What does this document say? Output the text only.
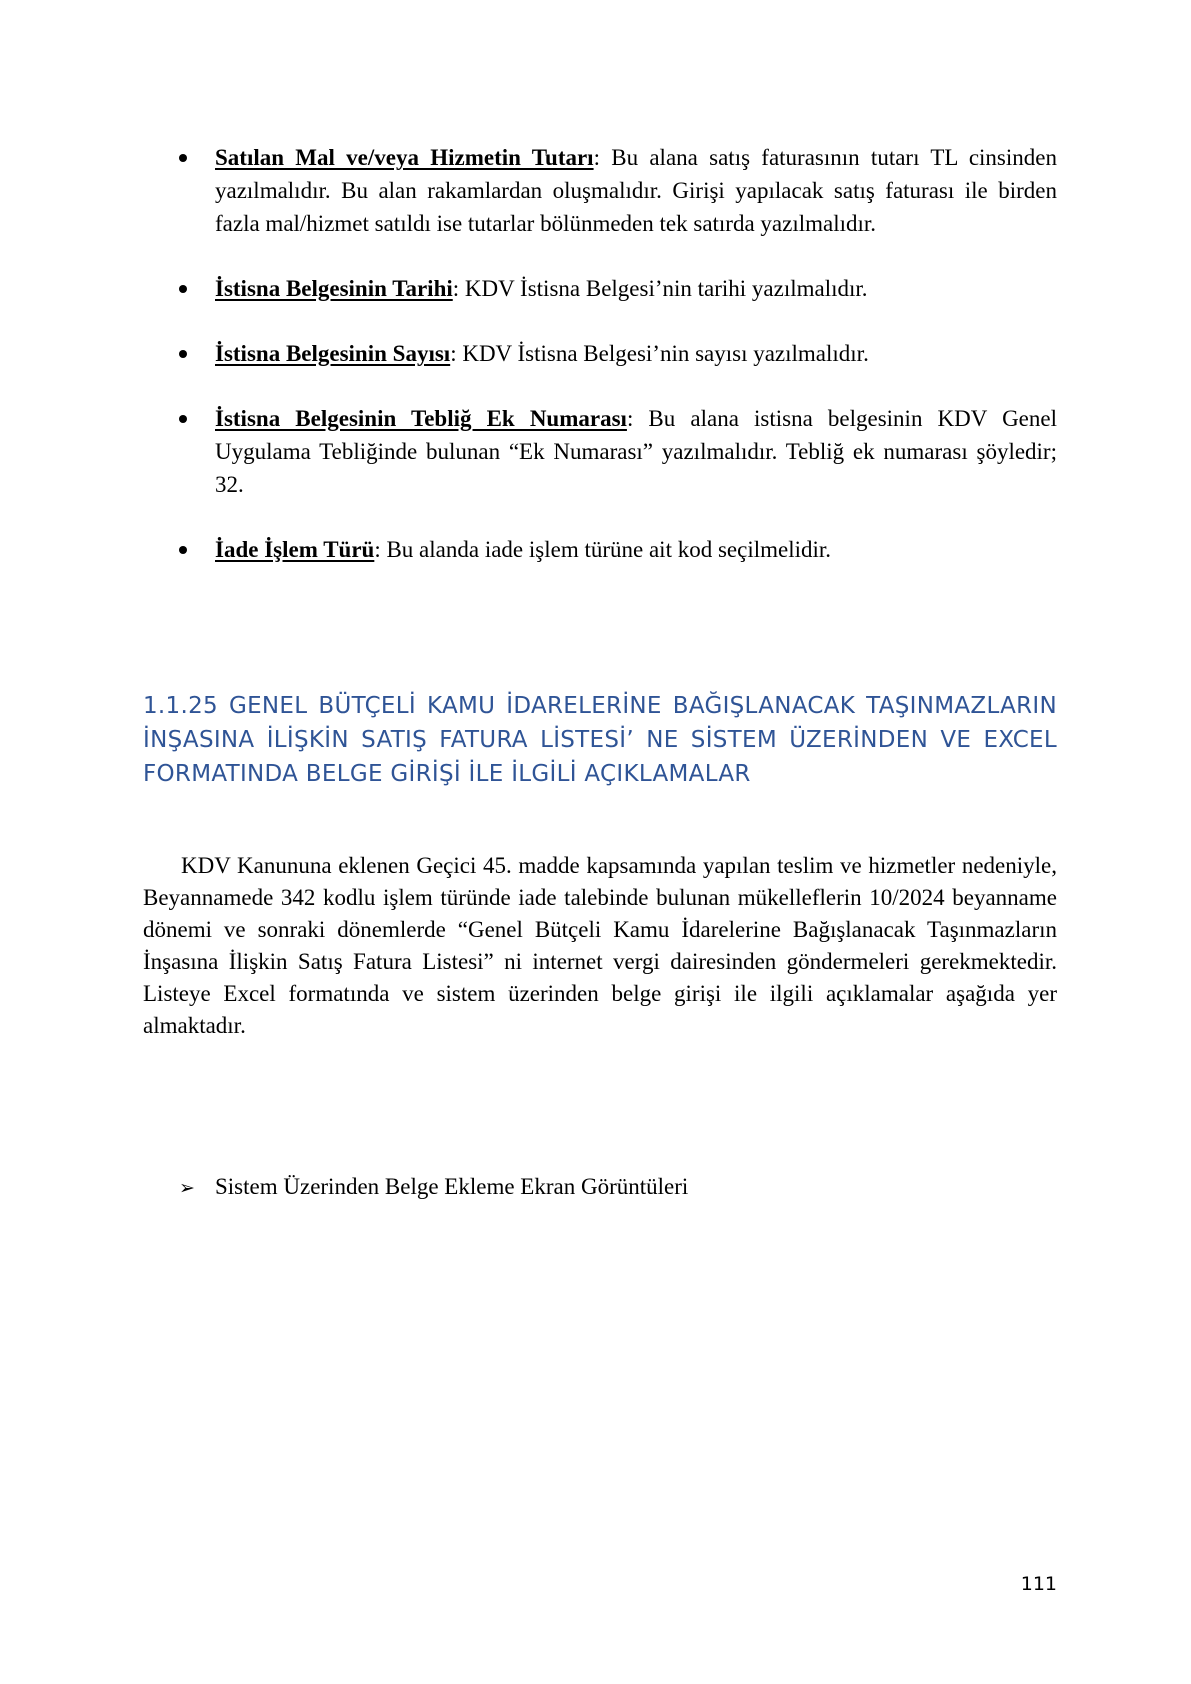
Satılan Mal ve/veya Hizmetin Tutarı: Bu alana satış faturasının tutarı TL cinsinden yazılmalıdır. Bu alan rakamlardan oluşmalıdır. Girişi yapılacak satış faturası ile birden fazla mal/hizmet satıldı ise tutarlar bölünmeden tek satırda yazılmalıdır.
İstisna Belgesinin Tarihi: KDV İstisna Belgesi’nin tarihi yazılmalıdır.
İstisna Belgesinin Sayısı: KDV İstisna Belgesi’nin sayısı yazılmalıdır.
İstisna Belgesinin Tebliğ Ek Numarası: Bu alana istisna belgesinin KDV Genel Uygulama Tebliğinde bulunan “Ek Numarası” yazılmalıdır. Tebliğ ek numarası şöyledir; 32.
İade İşlem Türü: Bu alanda iade işlem türüne ait kod seçilmelidir.
1.1.25 GENEL BÜTÇELİ KAMU İDARELERİNE BAĞIŞLANACAK TAŞINMAZLARIN İNŞASINA İLİŞKİN SATIŞ FATURA LİSTESİ’ NE SİSTEM ÜZERİNDEN VE EXCEL FORMATINDA BELGE GİRİŞİ İLE İLGİLİ AÇIKLAMALAR

KDV Kanununa eklenen Geçici 45. madde kapsamında yapılan teslim ve hizmetler nedeniyle, Beyannamede 342 kodlu işlem türünde iade talebinde bulunan mükelleflerin 10/2024 beyanname dönemi ve sonraki dönemlerde “Genel Bütçeli Kamu İdarelerine Bağışlanacak Taşınmazların İnşasına İlişkin Satış Fatura Listesi” ni internet vergi dairesinden göndermeleri gerekmektedir. Listeye Excel formatında ve sistem üzerinden belge girişi ile ilgili açıklamalar aşağıda yer almaktadır.

➢ Sistem Üzerinden Belge Ekleme Ekran Görüntüleri
111
